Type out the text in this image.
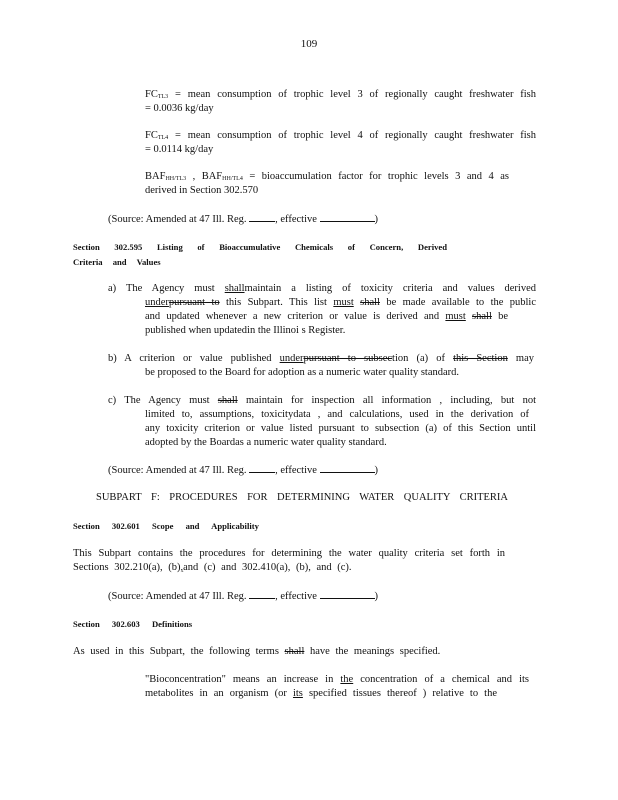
109
FCTL3 = mean consumption of trophic level 3 of regionally caught freshwater fish
= 0.0036 kg/day
FCTL4 = mean consumption of trophic level 4 of regionally caught freshwater fish
= 0.0114 kg/day
BAFHH/TL3 , BAFHH/TL4 = bioaccumulation factor for trophic levels 3 and 4 as
derived in Section 302.570
(Source: Amended at 47 Ill. Reg.	, effective	)
Section 302.595 Listing of Bioaccumulative Chemicals of Concern, Derived
Criteria and Values
a) The Agency must shallmaintain a listing of toxicity criteria and values derived
underpursuant to this Subpart. This list must shall be made available to the public
and updated whenever a new criterion or value is derived and must shall be
published when updatedin the Illinoi s Register.
b) A criterion or value published underpursuant to subsection (a) of this Section may
be proposed to the Board for adoption as a numeric water quality standard.
c) The Agency must shall maintain for inspection all information , including, but not
limited to, assumptions, toxicitydata , and calculations, used in the derivation of
any toxicity criterion or value listed pursuant to subsection (a) of this Section until
adopted by the Boardas a numeric water quality standard.
(Source: Amended at 47 Ill. Reg.	, effective	)
SUBPART F: PROCEDURES FOR DETERMINING WATER QUALITY CRITERIA
Section 302.601 Scope and Applicability
This Subpart contains the procedures for determining the water quality criteria set forth in
Sections 302.210(a), (b),and (c) and 302.410(a), (b), and (c).
(Source: Amended at 47 Ill. Reg.	, effective	)
Section 302.603 Definitions
As used in this Subpart, the following terms shall have the meanings specified.
"Bioconcentration" means an increase in the concentration of a chemical and its
metabolites in an organism (or its specified tissues thereof ) relative to the
